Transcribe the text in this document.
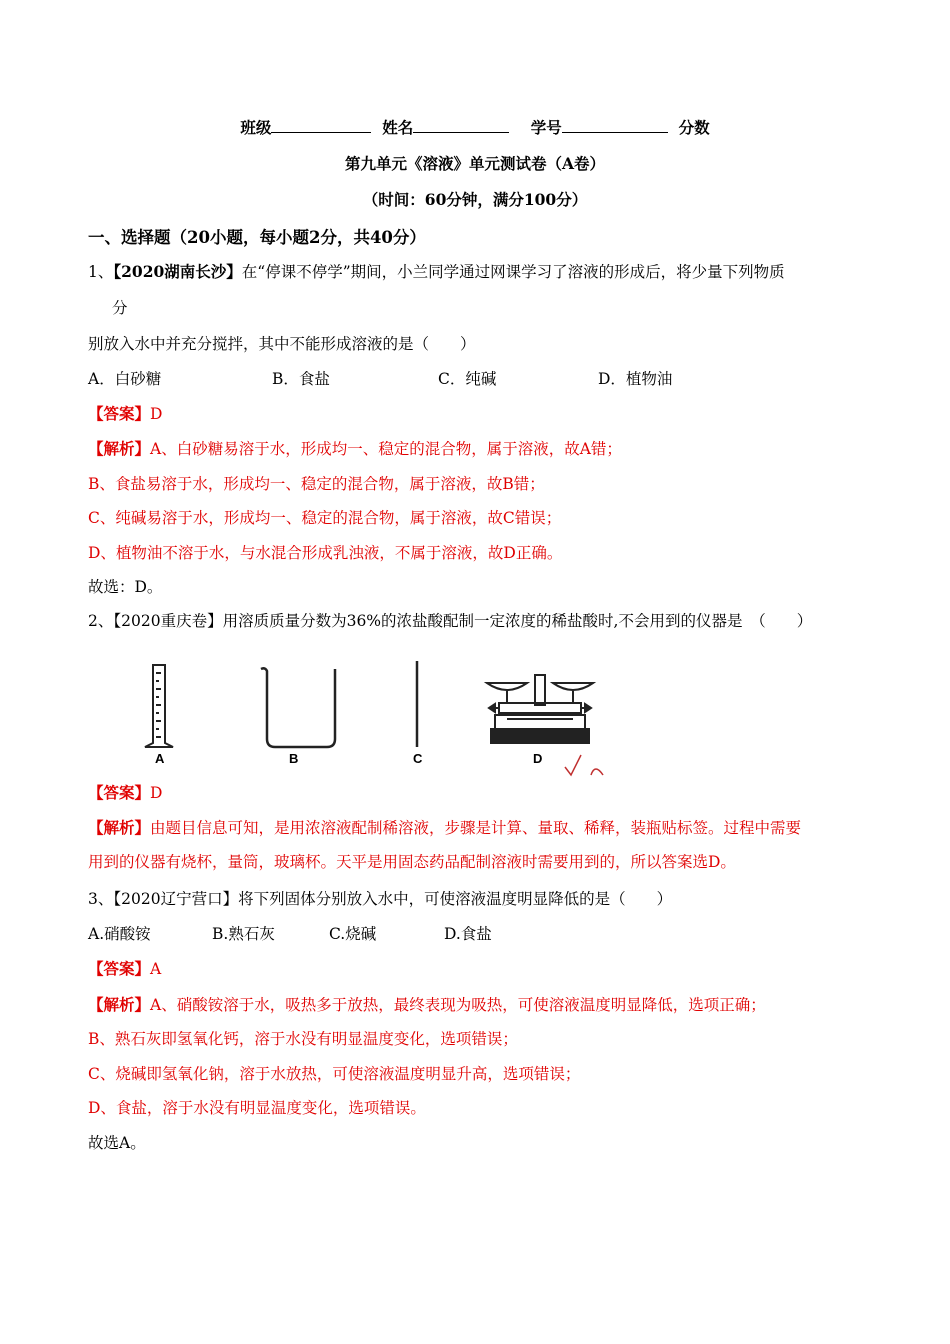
班级	姓名	学号	分数
第九单元《溶液》单元测试卷（A卷）
（时间：60分钟，满分100分）
一、选择题（20小题，每小题2分，共40分）
1、【2020湖南长沙】在“停课不停学”期间，小兰同学通过网课学习了溶液的形成后，将少量下列物质
分
别放入水中并充分搅拌，其中不能形成溶液的是（　　）
A．白砂糖	B．食盐	C．纯碱	D．植物油
【答案】D
【解析】A、白砂糖易溶于水，形成均一、稳定的混合物，属于溶液，故A错；
B、食盐易溶于水，形成均一、稳定的混合物，属于溶液，故B错；
C、纯碱易溶于水，形成均一、稳定的混合物，属于溶液，故C错误；
D、植物油不溶于水，与水混合形成乳浊液，不属于溶液，故D正确。
故选：D。
2、【2020重庆卷】用溶质质量分数为36%的浓盐酸配制一定浓度的稀盐酸时,不会用到的仪器是　（　　）
A	B	C	D
【答案】D
【解析】由题目信息可知，是用浓溶液配制稀溶液，步骤是计算、量取、稀释，装瓶贴标签。过程中需要
用到的仪器有烧杯，量筒，玻璃杯。天平是用固态药品配制溶液时需要用到的，所以答案选D。
3、【2020辽宁营口】将下列固体分别放入水中，可使溶液温度明显降低的是（　　）
A.硝酸铵	B.熟石灰	C.烧碱	D.食盐
【答案】A
【解析】A、硝酸铵溶于水，吸热多于放热，最终表现为吸热，可使溶液温度明显降低，选项正确；
B、熟石灰即氢氧化钙，溶于水没有明显温度变化，选项错误；
C、烧碱即氢氧化钠，溶于水放热，可使溶液温度明显升高，选项错误；
D、食盐，溶于水没有明显温度变化，选项错误。
故选A。
